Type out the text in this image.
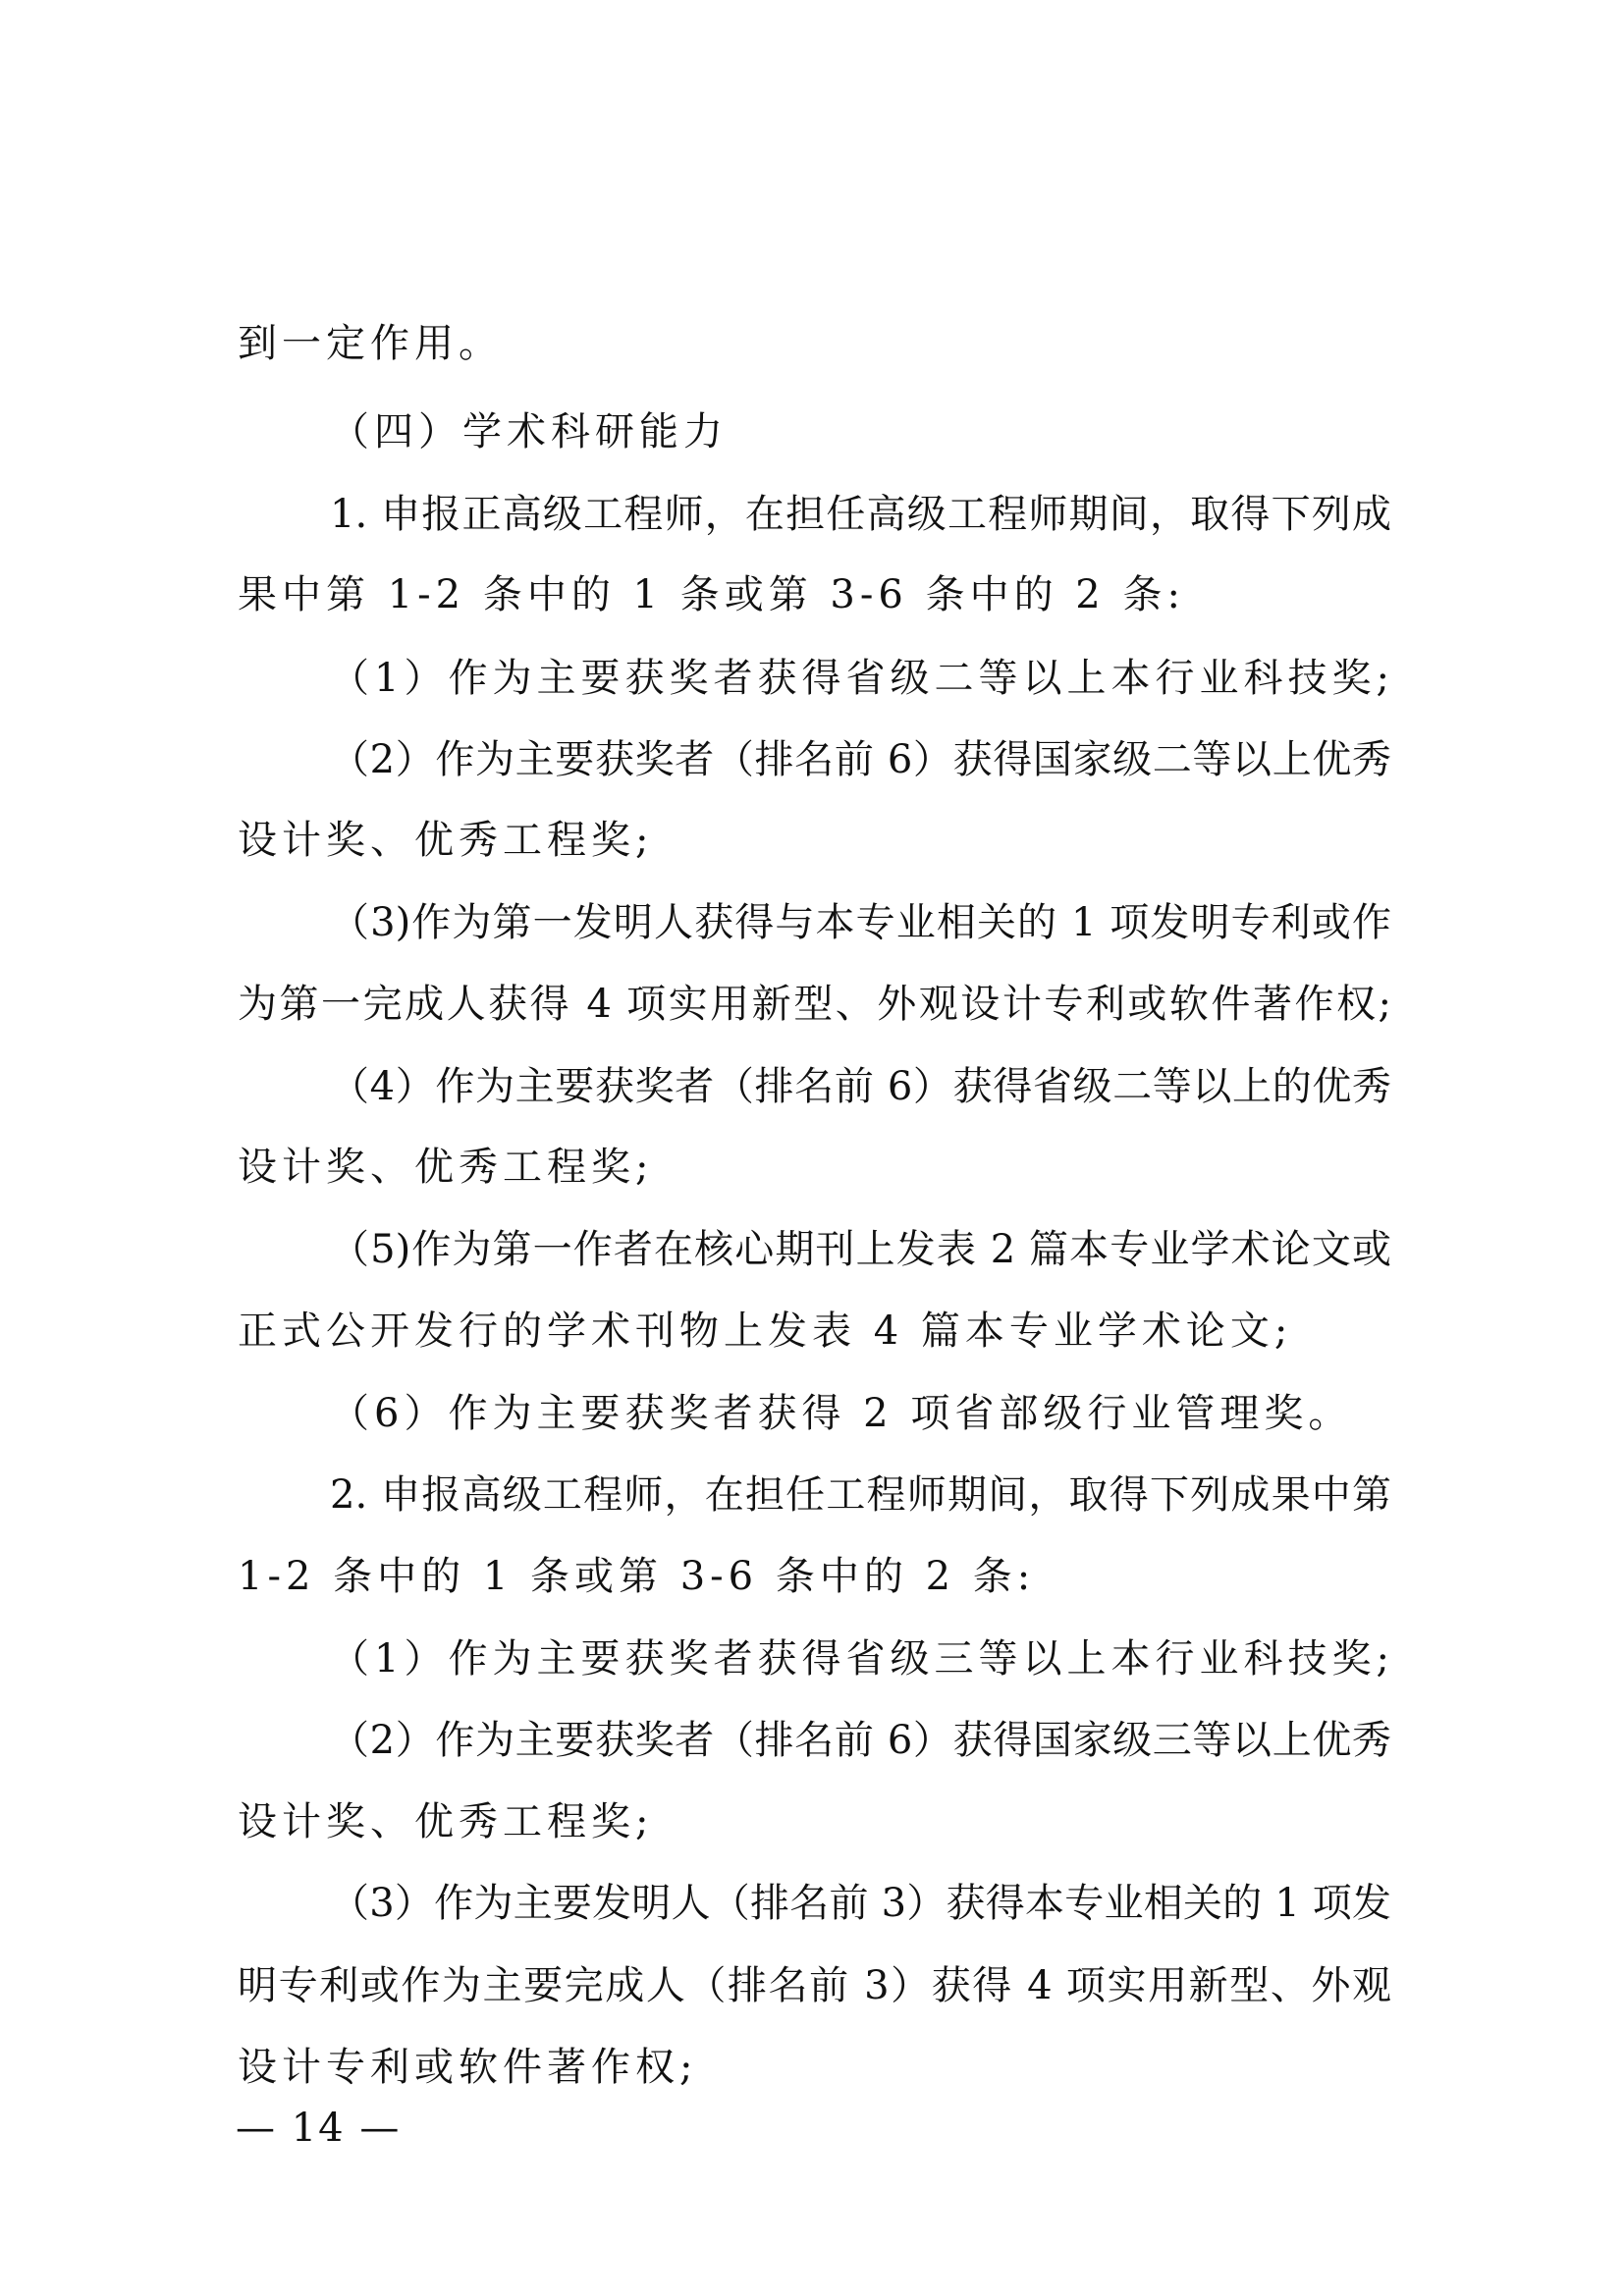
到一定作用。
（四）学术科研能力
1. 申报正高级工程师，在担任高级工程师期间，取得下列成
果中第 1-2 条中的 1 条或第 3-6 条中的 2 条:
（1）作为主要获奖者获得省级二等以上本行业科技奖;
（2）作为主要获奖者（排名前 6）获得国家级二等以上优秀
设计奖、优秀工程奖;
（3)作为第一发明人获得与本专业相关的 1 项发明专利或作
为第一完成人获得 4 项实用新型、外观设计专利或软件著作权;
（4）作为主要获奖者（排名前 6）获得省级二等以上的优秀
设计奖、优秀工程奖;
（5)作为第一作者在核心期刊上发表 2 篇本专业学术论文或
正式公开发行的学术刊物上发表 4 篇本专业学术论文;
（6）作为主要获奖者获得 2 项省部级行业管理奖。
2. 申报高级工程师，在担任工程师期间，取得下列成果中第
1-2 条中的 1 条或第 3-6 条中的 2 条:
（1）作为主要获奖者获得省级三等以上本行业科技奖;
（2）作为主要获奖者（排名前 6）获得国家级三等以上优秀
设计奖、优秀工程奖;
（3）作为主要发明人（排名前 3）获得本专业相关的 1 项发
明专利或作为主要完成人（排名前 3）获得 4 项实用新型、外观
设计专利或软件著作权;
— 14 —
